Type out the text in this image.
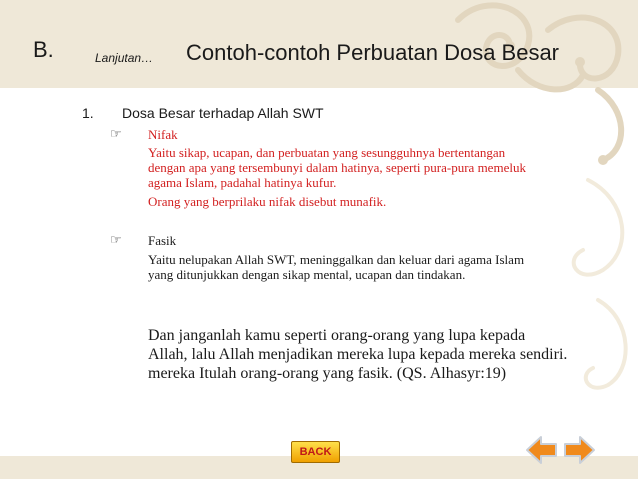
B.	Lanjutan… Contoh-contoh Perbuatan Dosa Besar
1. Dosa Besar terhadap Allah SWT
☞ Nifak
Yaitu sikap, ucapan, dan perbuatan yang sesungguhnya bertentangan
dengan apa yang tersembunyi dalam hatinya, seperti pura-pura memeluk
agama Islam, padahal hatinya kufur.
Orang yang berprilaku nifak disebut munafik.
☞ Fasik
Yaitu nelupakan Allah SWT, meninggalkan dan keluar dari agama Islam
yang ditunjukkan dengan sikap mental, ucapan dan tindakan.
Dan janganlah kamu seperti orang-orang yang lupa kepada
Allah, lalu Allah menjadikan mereka lupa kepada mereka sendiri.
mereka Itulah orang-orang yang fasik. (QS. Alhasyr:19)
BACK
